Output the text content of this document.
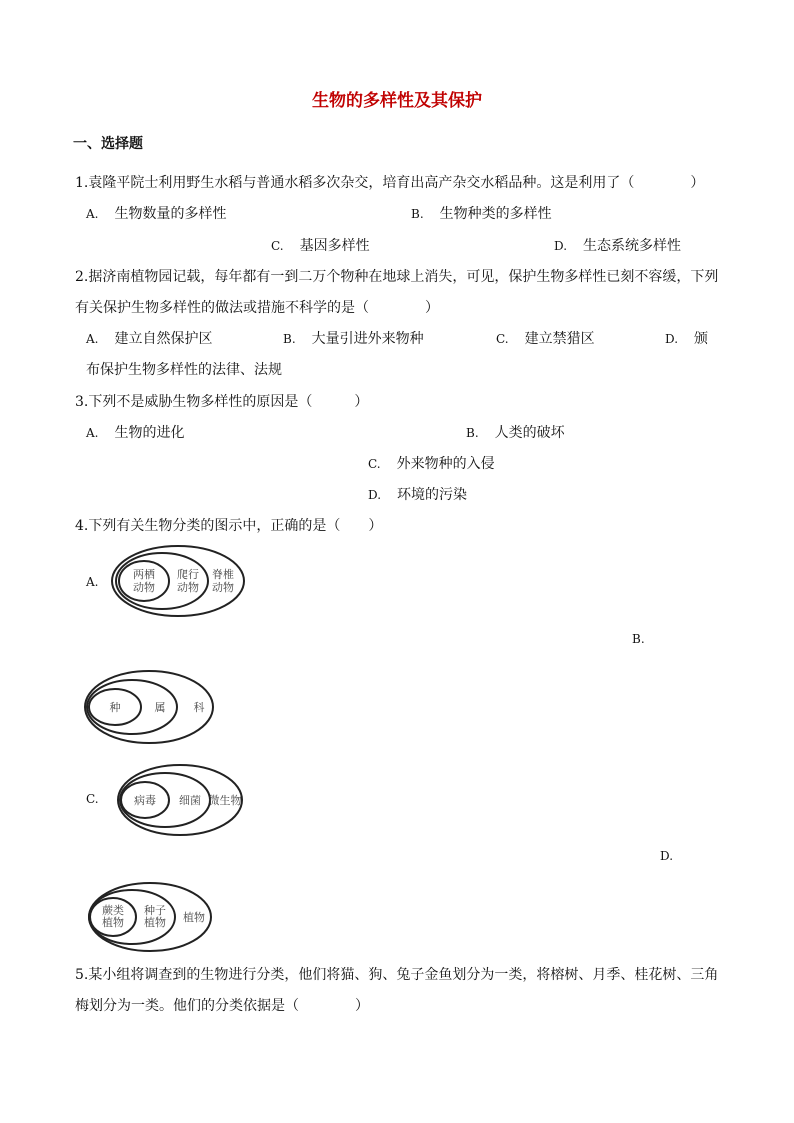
生物的多样性及其保护
一、选择题
1.袁隆平院士利用野生水稻与普通水稻多次杂交，培育出高产杂交水稻品种。这是利用了（　　　　）
A. 生物数量的多样性	B. 生物种类的多样性
C. 基因多样性	D. 生态系统多样性
2.据济南植物园记载，每年都有一到二万个物种在地球上消失，可见，保护生物多样性已刻不容缓，下列
有关保护生物多样性的做法或措施不科学的是（　　　　）
A. 建立自然保护区	B. 大量引进外来物种	C. 建立禁猎区	D. 颁
布保护生物多样性的法律、法规
3.下列不是威胁生物多样性的原因是（　　　）
A. 生物的进化	B. 人类的破坏
C. 外来物种的入侵
D. 环境的污染
4.下列有关生物分类的图示中，正确的是（　　）
A.
两栖
动物
爬行
动物
脊椎
动物
B.
种	属	科
C.	病毒 细菌 微生物
D.
蕨类
植物
种子
植物 植物
5.某小组将调查到的生物进行分类，他们将猫、狗、兔子金鱼划分为一类，将榕树、月季、桂花树、三角
梅划分为一类。他们的分类依据是（　　　　）
